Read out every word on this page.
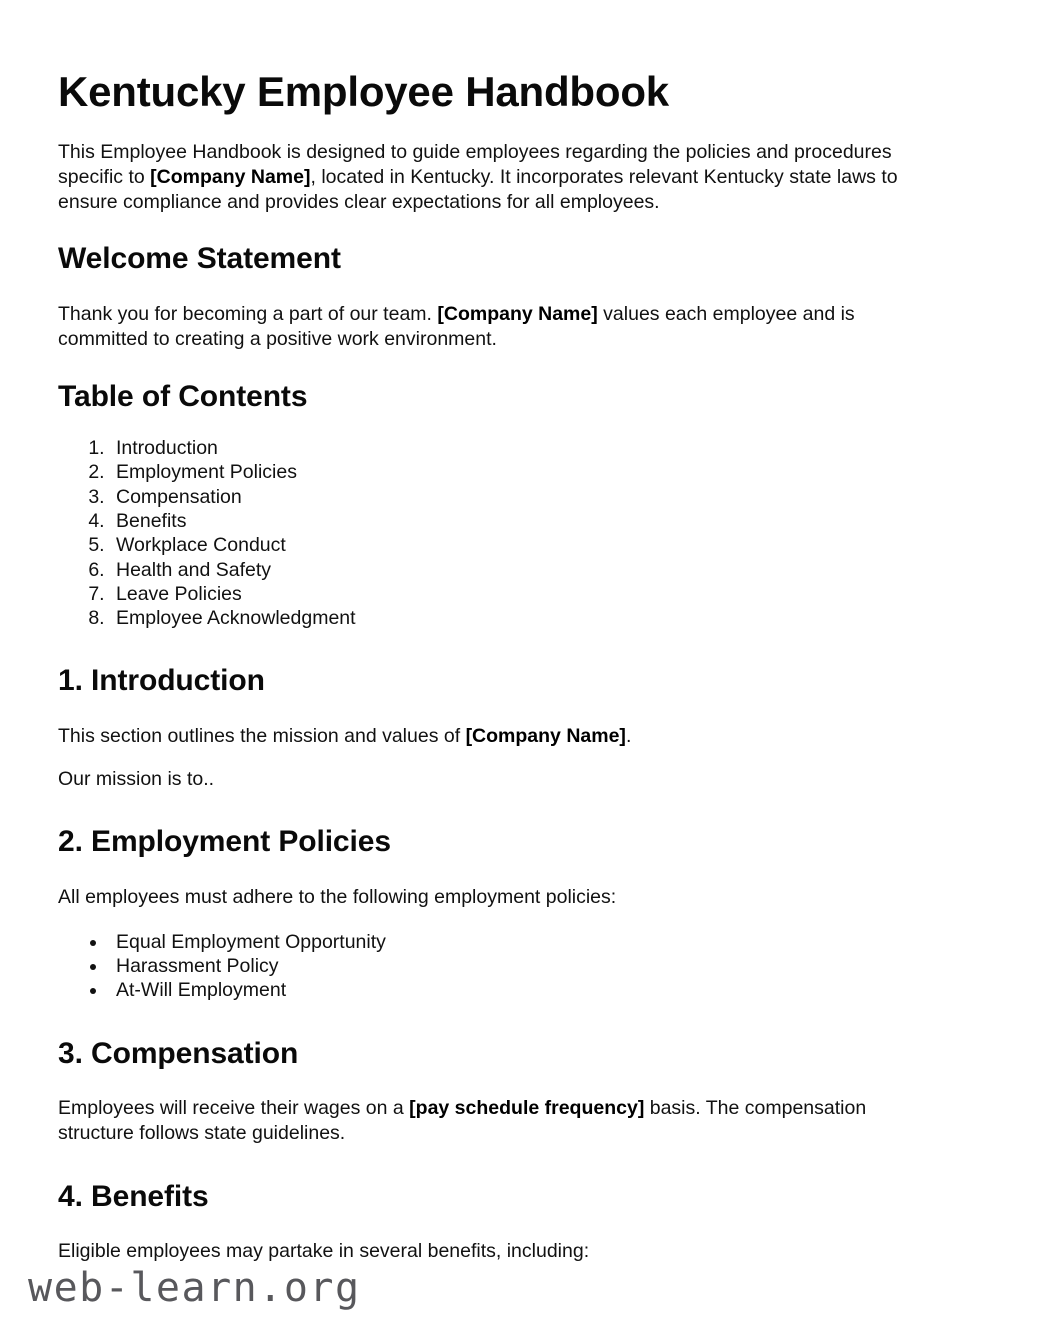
Kentucky Employee Handbook

This Employee Handbook is designed to guide employees regarding the policies and procedures specific to [Company Name], located in Kentucky. It incorporates relevant Kentucky state laws to ensure compliance and provides clear expectations for all employees.

Welcome Statement

Thank you for becoming a part of our team. [Company Name] values each employee and is committed to creating a positive work environment.

Table of Contents
1. Introduction
2. Employment Policies
3. Compensation
4. Benefits
5. Workplace Conduct
6. Health and Safety
7. Leave Policies
8. Employee Acknowledgment
1. Introduction

This section outlines the mission and values of [Company Name].

Our mission is to..

2. Employment Policies

All employees must adhere to the following employment policies:

• Equal Employment Opportunity
• Harassment Policy
• At-Will Employment
3. Compensation

Employees will receive their wages on a [pay schedule frequency] basis. The compensation structure follows state guidelines.

4. Benefits

Eligible employees may partake in several benefits, including:

web-learn.org
